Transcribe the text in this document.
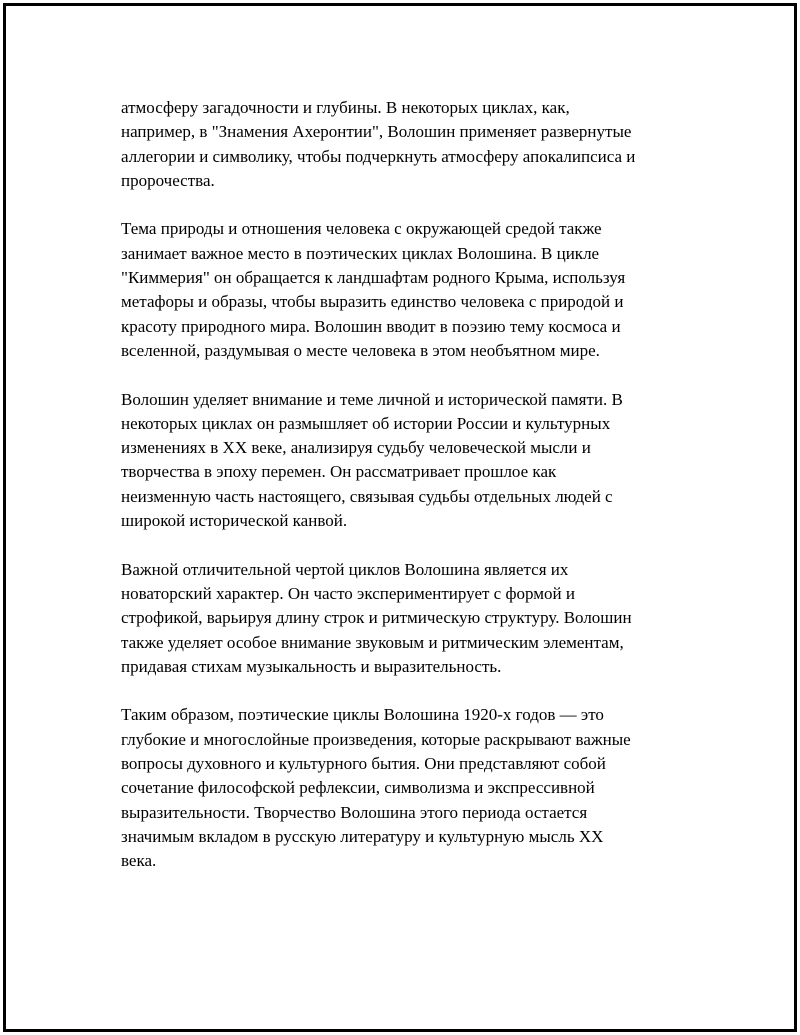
атмосферу загадочности и глубины. В некоторых циклах, как,
например, в "Знамения Ахеронтии", Волошин применяет развернутые
аллегории и символику, чтобы подчеркнуть атмосферу апокалипсиса и
пророчества.

Тема природы и отношения человека с окружающей средой также
занимает важное место в поэтических циклах Волошина. В цикле
"Киммерия" он обращается к ландшафтам родного Крыма, используя
метафоры и образы, чтобы выразить единство человека с природой и
красоту природного мира. Волошин вводит в поэзию тему космоса и
вселенной, раздумывая о месте человека в этом необъятном мире.

Волошин уделяет внимание и теме личной и исторической памяти. В
некоторых циклах он размышляет об истории России и культурных
изменениях в XX веке, анализируя судьбу человеческой мысли и
творчества в эпоху перемен. Он рассматривает прошлое как
неизменную часть настоящего, связывая судьбы отдельных людей с
широкой исторической канвой.

Важной отличительной чертой циклов Волошина является их
новаторский характер. Он часто экспериментирует с формой и
строфикой, варьируя длину строк и ритмическую структуру. Волошин
также уделяет особое внимание звуковым и ритмическим элементам,
придавая стихам музыкальность и выразительность.

Таким образом, поэтические циклы Волошина 1920-х годов — это
глубокие и многослойные произведения, которые раскрывают важные
вопросы духовного и культурного бытия. Они представляют собой
сочетание философской рефлексии, символизма и экспрессивной
выразительности. Творчество Волошина этого периода остается
значимым вкладом в русскую литературу и культурную мысль XX
века.
